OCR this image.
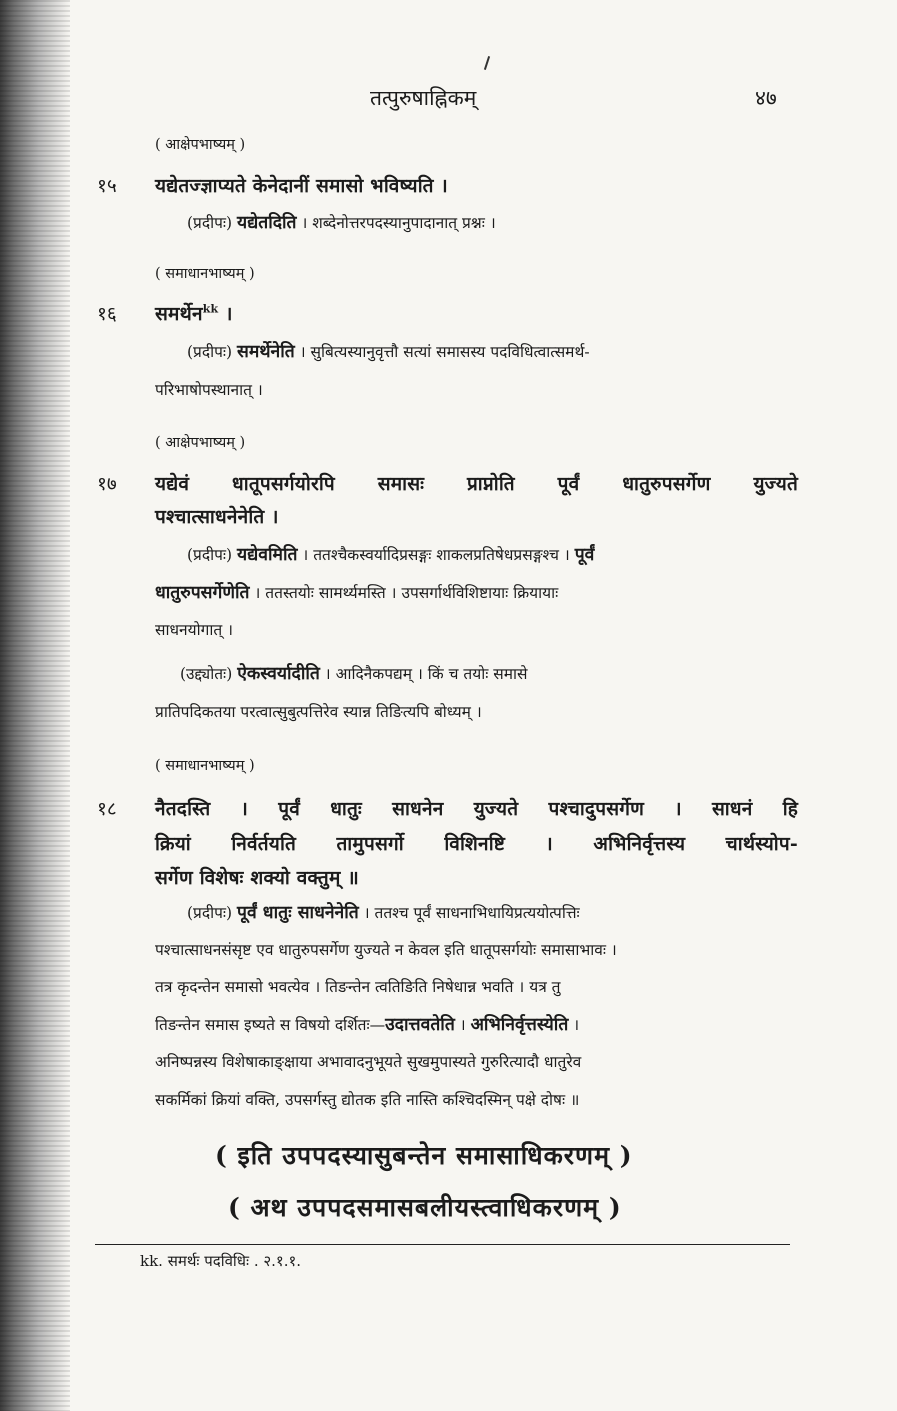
तत्पुरुषाह्निकम्	४७
( आक्षेपभाष्यम् )
१५ यद्येतज्ज्ञाप्यते केनेदानीं समासो भविष्यति ।
(प्रदीपः) यद्येतदिति । शब्देनोत्तरपदस्यानुपादानात् प्रश्नः ।
( समाधानभाष्यम् )
१६ समर्थेन$^{kk}$ ।
(प्रदीपः) समर्थेनेति । सुबित्यस्यानुवृत्तौ सत्यां समासस्य पदविधित्वात्समर्थ-
परिभाषोपस्थानात् ।
( आक्षेपभाष्यम् )
१७ यद्येवं धातूपसर्गयोरपि समासः प्राप्नोति पूर्वं धातुरुपसर्गेण युज्यते
पश्चात्साधनेनेति ।
(प्रदीपः) यद्येवमिति । ततश्चैकस्वर्यादिप्रसङ्गः शाकलप्रतिषेधप्रसङ्गश्च । पूर्वं
धातुरुपसर्गेणेति । ततस्तयोः सामर्थ्यमस्ति । उपसर्गार्थविशिष्टायाः क्रियायाः
साधनयोगात् ।
(उद्द्योतः) ऐकस्वर्यादीति । आदिनैकपद्यम् । किं च तयोः समासे
प्रातिपदिकतया परत्वात्सुबुत्पत्तिरेव स्यान्न तिङित्यपि बोध्यम् ।
( समाधानभाष्यम् )
१८ नैतदस्ति । पूर्वं धातुः साधनेन युज्यते पश्चादुपसर्गेण । साधनं हि
क्रियां निर्वर्तयति तामुपसर्गो विशिनष्टि । अभिनिर्वृत्तस्य चार्थस्योप-
सर्गेण विशेषः शक्यो वक्तुम् ॥
(प्रदीपः) पूर्वं धातुः साधनेनेति । ततश्च पूर्वं साधनाभिधायिप्रत्ययोत्पत्तिः
पश्चात्साधनसंसृष्ट एव धातुरुपसर्गेण युज्यते न केवल इति धातूपसर्गयोः समासाभावः ।
तत्र कृदन्तेन समासो भवत्येव । तिङन्तेन त्वतिङिति निषेधान्न भवति । यत्र तु
तिङन्तेन समास इष्यते स विषयो दर्शितः—उदात्तवतेति । अभिनिर्वृत्तस्येति ।
अनिष्पन्नस्य विशेषाकाङ्क्षाया अभावादनुभूयते सुखमुपास्यते गुरुरित्यादौ धातुरेव
सकर्मिकां क्रियां वक्ति, उपसर्गस्तु द्योतक इति नास्ति कश्चिदस्मिन् पक्षे दोषः ॥
( इति उपपदस्यासुबन्तेन समासाधिकरणम् )
( अथ उपपदसमासबलीयस्त्वाधिकरणम् )
kk. समर्थः पदविधिः . २.१.१.
